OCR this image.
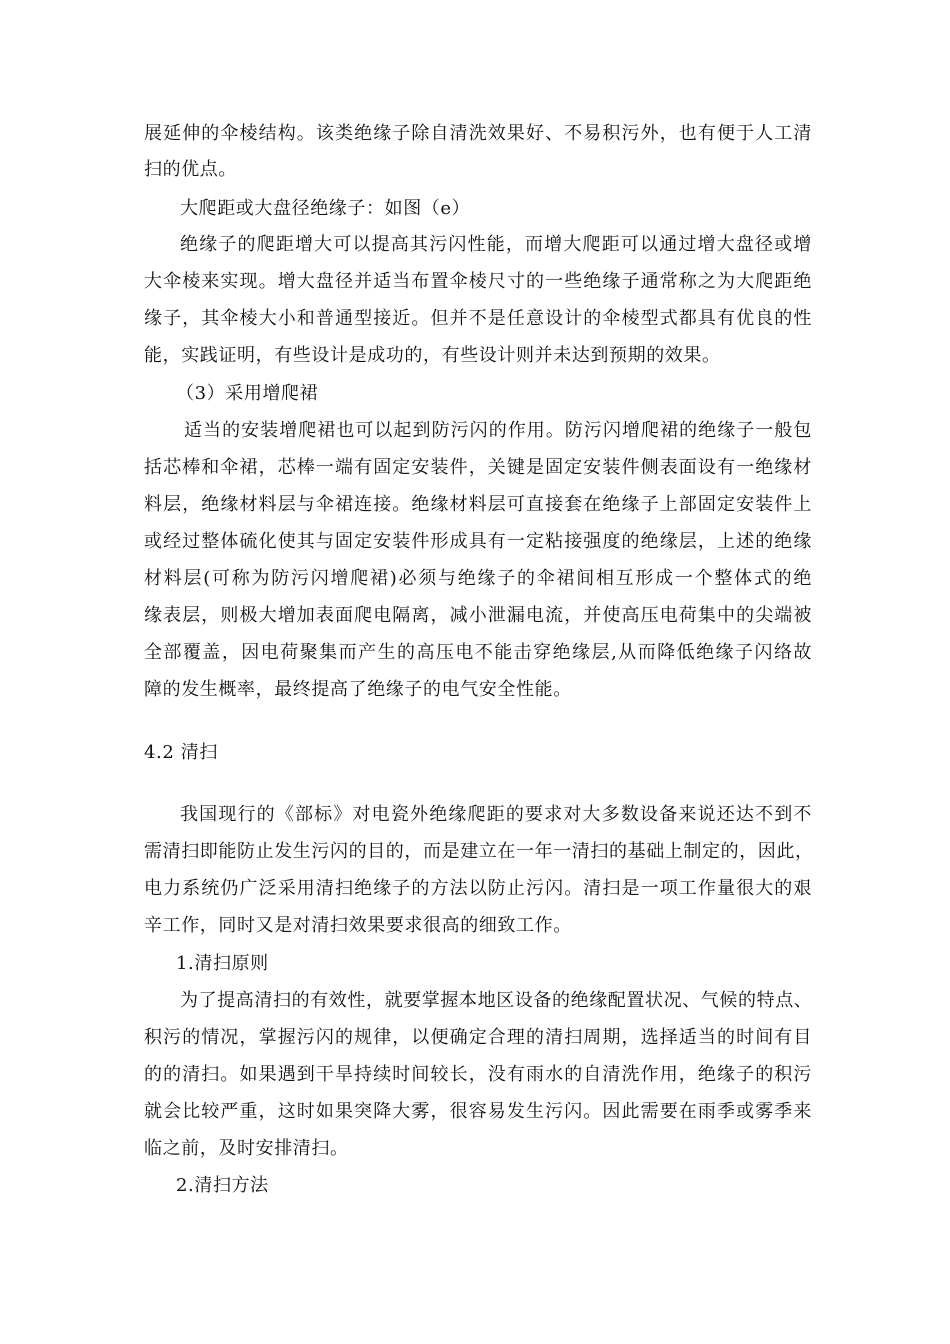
展延伸的伞棱结构。该类绝缘子除自清洗效果好、不易积污外，也有便于人工清
扫的优点。
大爬距或大盘径绝缘子：如图（e）
绝缘子的爬距增大可以提高其污闪性能，而增大爬距可以通过增大盘径或增
大伞棱来实现。增大盘径并适当布置伞棱尺寸的一些绝缘子通常称之为大爬距绝
缘子，其伞棱大小和普通型接近。但并不是任意设计的伞棱型式都具有优良的性
能，实践证明，有些设计是成功的，有些设计则并未达到预期的效果。
（3）采用增爬裙
适当的安装增爬裙也可以起到防污闪的作用。防污闪增爬裙的绝缘子一般包
括芯棒和伞裙，芯棒一端有固定安装件，关键是固定安装件侧表面设有一绝缘材
料层，绝缘材料层与伞裙连接。绝缘材料层可直接套在绝缘子上部固定安装件上
或经过整体硫化使其与固定安装件形成具有一定粘接强度的绝缘层，上述的绝缘
材料层(可称为防污闪增爬裙)必须与绝缘子的伞裙间相互形成一个整体式的绝
缘表层，则极大增加表面爬电隔离，减小泄漏电流，并使高压电荷集中的尖端被
全部覆盖，因电荷聚集而产生的高压电不能击穿绝缘层,从而降低绝缘子闪络故
障的发生概率，最终提高了绝缘子的电气安全性能。
4.2 清扫
我国现行的《部标》对电瓷外绝缘爬距的要求对大多数设备来说还达不到不
需清扫即能防止发生污闪的目的，而是建立在一年一清扫的基础上制定的，因此，
电力系统仍广泛采用清扫绝缘子的方法以防止污闪。清扫是一项工作量很大的艰
辛工作，同时又是对清扫效果要求很高的细致工作。
1.清扫原则
为了提高清扫的有效性，就要掌握本地区设备的绝缘配置状况、气候的特点、
积污的情况，掌握污闪的规律，以便确定合理的清扫周期，选择适当的时间有目
的的清扫。如果遇到干旱持续时间较长，没有雨水的自清洗作用，绝缘子的积污
就会比较严重，这时如果突降大雾，很容易发生污闪。因此需要在雨季或雾季来
临之前，及时安排清扫。
2.清扫方法
